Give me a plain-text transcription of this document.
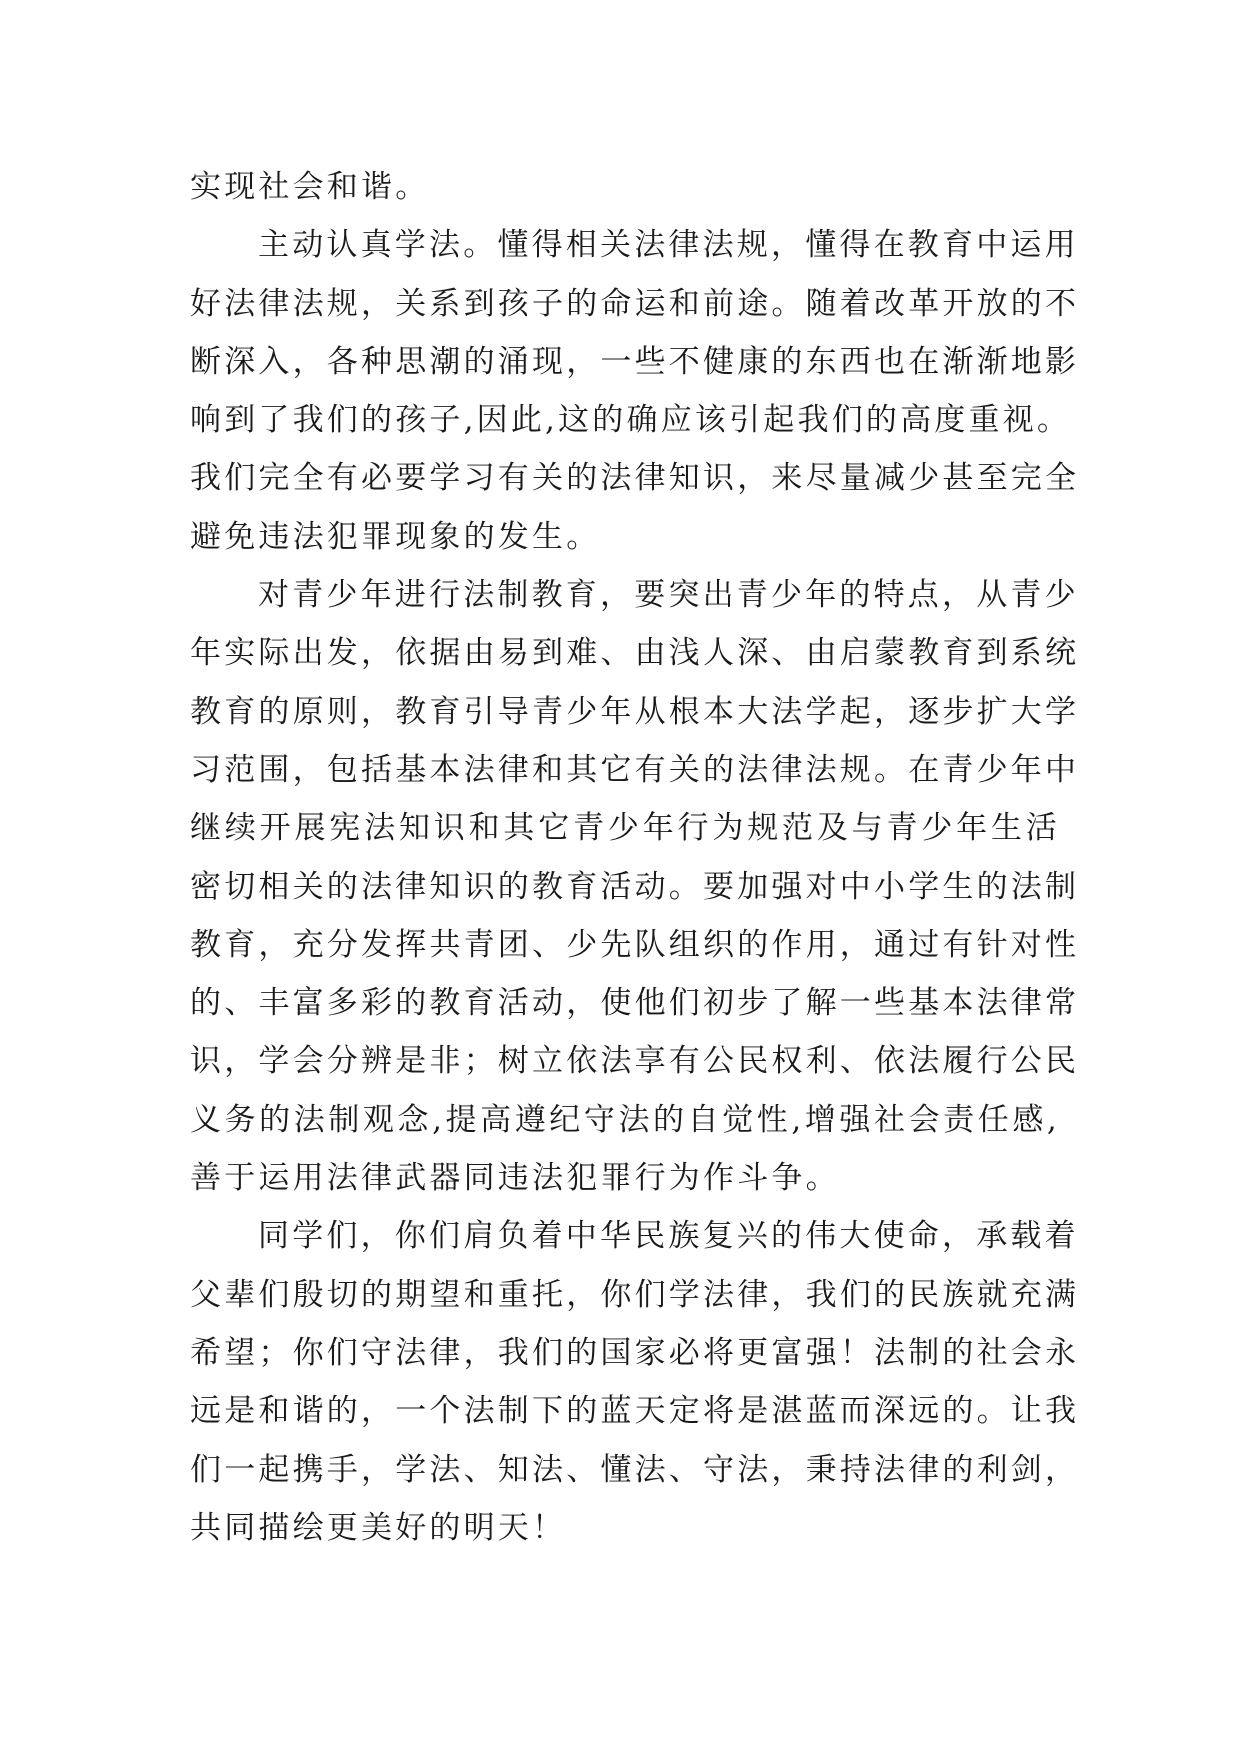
实现社会和谐。
主动认真学法。懂得相关法律法规，懂得在教育中运用
好法律法规，关系到孩子的命运和前途。随着改革开放的不
断深入，各种思潮的涌现，一些不健康的东西也在渐渐地影
响到了我们的孩子,因此,这的确应该引起我们的高度重视。
我们完全有必要学习有关的法律知识，来尽量减少甚至完全
避免违法犯罪现象的发生。
对青少年进行法制教育，要突出青少年的特点，从青少
年实际出发，依据由易到难、由浅人深、由启蒙教育到系统
教育的原则，教育引导青少年从根本大法学起，逐步扩大学
习范围，包括基本法律和其它有关的法律法规。在青少年中
继续开展宪法知识和其它青少年行为规范及与青少年生活
密切相关的法律知识的教育活动。要加强对中小学生的法制
教育，充分发挥共青团、少先队组织的作用，通过有针对性
的、丰富多彩的教育活动，使他们初步了解一些基本法律常
识，学会分辨是非；树立依法享有公民权利、依法履行公民
义务的法制观念,提高遵纪守法的自觉性,增强社会责任感,
善于运用法律武器同违法犯罪行为作斗争。
同学们，你们肩负着中华民族复兴的伟大使命，承载着
父辈们殷切的期望和重托，你们学法律，我们的民族就充满
希望；你们守法律，我们的国家必将更富强！法制的社会永
远是和谐的，一个法制下的蓝天定将是湛蓝而深远的。让我
们一起携手，学法、知法、懂法、守法，秉持法律的利剑，
共同描绘更美好的明天！
